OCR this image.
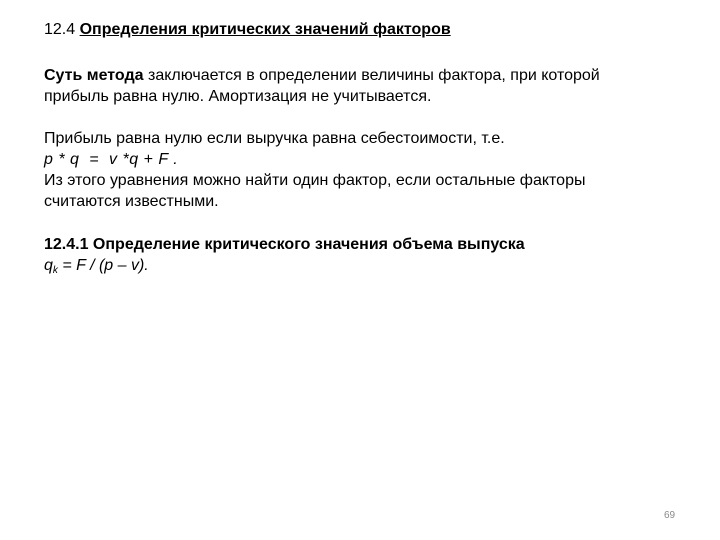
12.4 Определения критических значений факторов
Суть метода заключается в определении величины фактора, при которой
прибыль равна нулю. Амортизация не учитывается.
Прибыль равна нулю если выручка равна себестоимости, т.е.
p * q  =  v *q + F .
Из этого уравнения можно найти один фактор, если остальные факторы
считаются известными.
12.4.1 Определение критического значения объема выпуска
qk = F / (p – v).
69
